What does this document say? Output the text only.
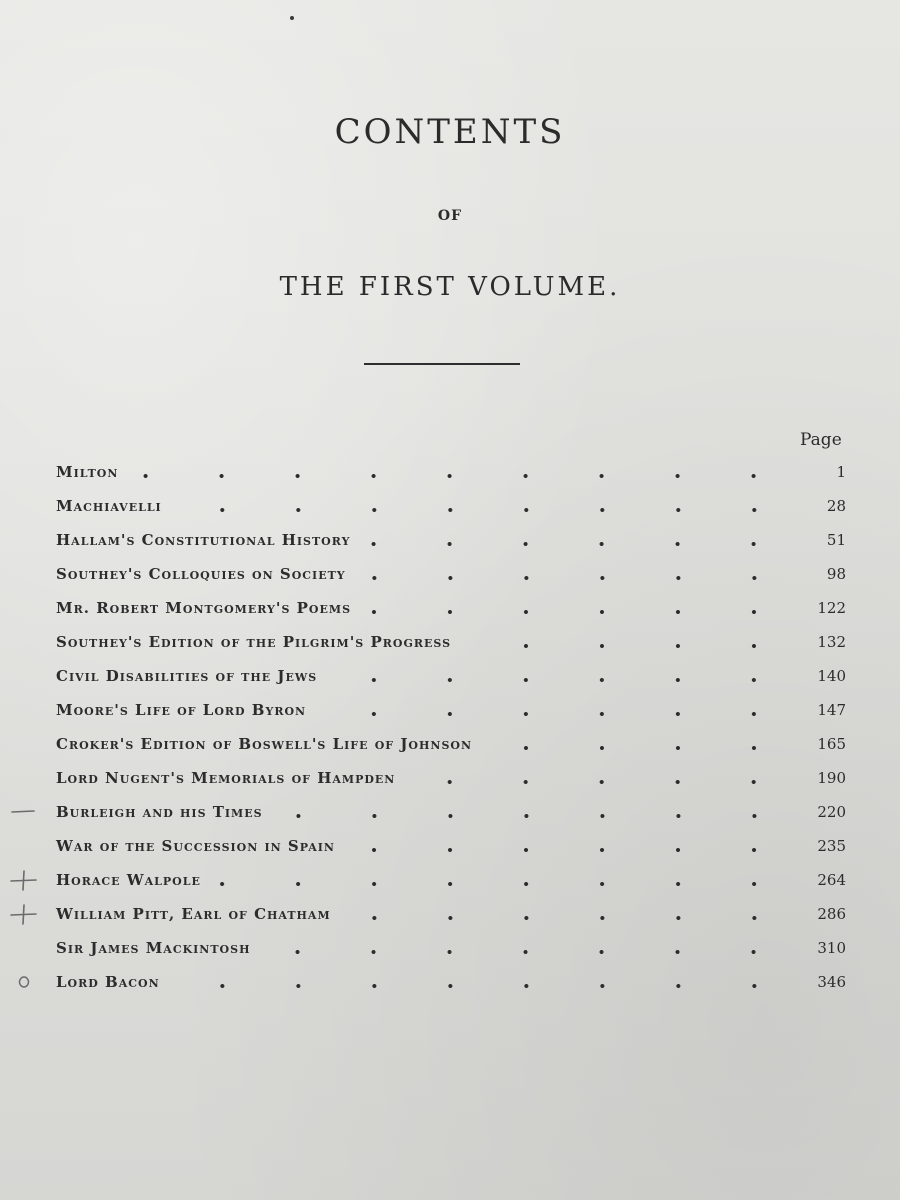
CONTENTS
OF
THE FIRST VOLUME.
Page
Milton	1
Machiavelli	28
Hallam's Constitutional History	51
Southey's Colloquies on Society	98
Mr. Robert Montgomery's Poems	122
Southey's Edition of the Pilgrim's Progress	132
Civil Disabilities of the Jews	140
Moore's Life of Lord Byron	147
Croker's Edition of Boswell's Life of Johnson	165
Lord Nugent's Memorials of Hampden	190
Burleigh and his Times	220
War of the Succession in Spain	235
Horace Walpole	264
William Pitt, Earl of Chatham	286
Sir James Mackintosh	310
Lord Bacon	346
